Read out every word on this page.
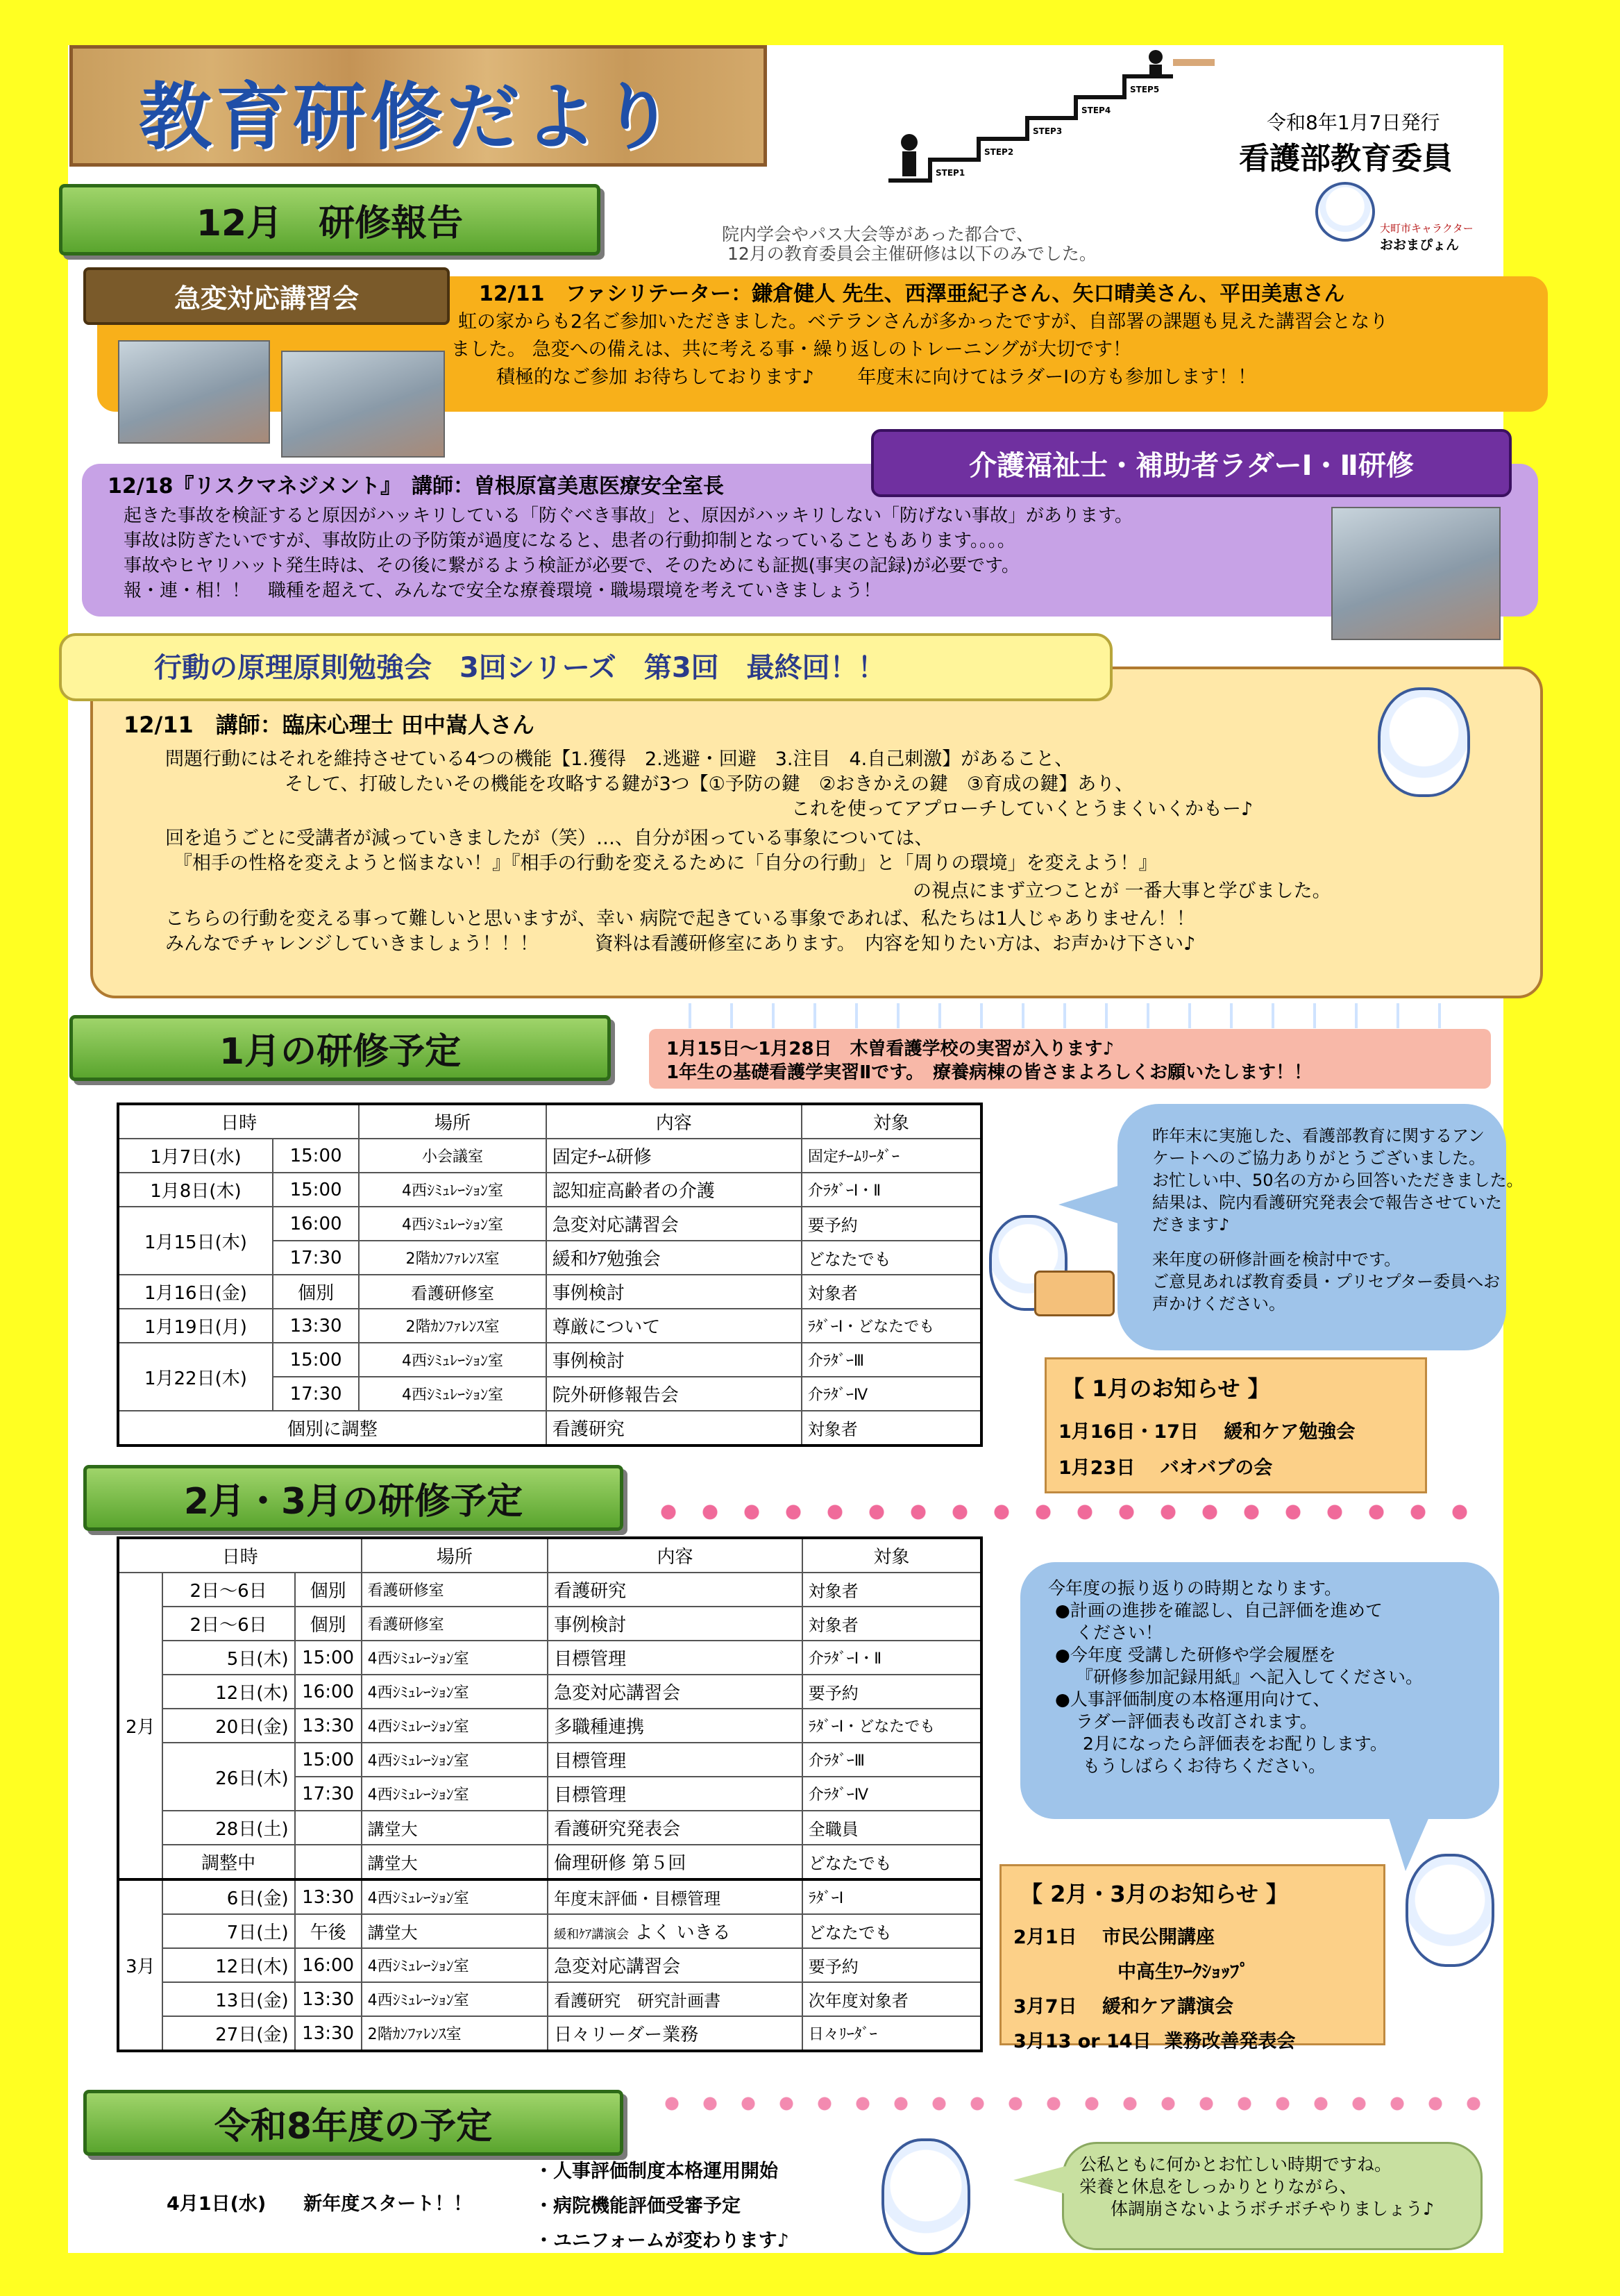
教育研修だより
STEP1
STEP2
STEP3
STEP4
STEP5
令和8年1月7日発行
看護部教育委員
大町市キャラクター
おおまぴょん
12月　研修報告	院内学会やパス大会等があった都合で、
12月の教育委員会主催研修は以下のみでした。
急変対応講習会	12/11　ファシリテーター：鎌倉健人 先生、西澤亜紀子さん、矢口晴美さん、平田美恵さん
虹の家からも2名ご参加いただきました。ベテランさんが多かったですが、自部署の課題も見えた講習会となり
ました。 急変への備えは、共に考える事・繰り返しのトレーニングが大切です！
積極的なご参加 お待ちしております♪　　 年度末に向けてはラダーⅠの方も参加します！！
介護福祉士・補助者ラダーⅠ・Ⅱ研修
12/18『リスクマネジメント』　講師：曽根原富美恵医療安全室長
起きた事故を検証すると原因がハッキリしている「防ぐべき事故」と、原因がハッキリしない「防げない事故」があります。
事故は防ぎたいですが、事故防止の予防策が過度になると、患者の行動抑制となっていることもあります。。。。
事故やヒヤリハット発生時は、その後に繋がるよう検証が必要で、そのためにも証拠(事実の記録)が必要です。
報・連・相！！　職種を超えて、みんなで安全な療養環境・職場環境を考えていきましょう！
行動の原理原則勉強会　3回シリーズ　第3回　最終回！！
12/11　講師：臨床心理士 田中嵩人さん
問題行動にはそれを維持させている4つの機能【1.獲得　2.逃避・回避　3.注目　4.自己刺激】があること、
そして、打破したいその機能を攻略する鍵が3つ【①予防の鍵　②おきかえの鍵　③育成の鍵】あり、
これを使ってアプローチしていくとうまくいくかもー♪
回を追うごとに受講者が減っていきましたが（笑）…、自分が困っている事象については、
『相手の性格を変えようと悩まない！』『相手の行動を変えるために「自分の行動」と「周りの環境」を変えよう！』
の視点にまず立つことが 一番大事と学びました。
こちらの行動を変える事って難しいと思いますが、幸い 病院で起きている事象であれば、私たちは1人じゃありません！！
みんなでチャレンジしていきましょう！！！　　　資料は看護研修室にあります。　内容を知りたい方は、お声かけ下さい♪
1月の研修予定	1月15日～1月28日　木曽看護学校の実習が入ります♪
1年生の基礎看護学実習Ⅱです。　療養病棟の皆さまよろしくお願いたします！！
日時		場所	内容	対象
1月7日(水)	15:00	小会議室	固定ﾁｰﾑ研修	固定ﾁｰﾑﾘｰﾀﾞｰ
1月8日(木)	15:00	4西ｼﾐｭﾚｰｼｮﾝ室	認知症高齢者の介護	介ﾗﾀﾞｰⅠ・Ⅱ
1月15日(木)	16:00	4西ｼﾐｭﾚｰｼｮﾝ室	急変対応講習会	要予約
	17:30	2階ｶﾝﾌｧﾚﾝｽ室	緩和ｹｱ勉強会	どなたでも
1月16日(金)	個別	看護研修室	事例検討	対象者
1月19日(月)	13:30	2階ｶﾝﾌｧﾚﾝｽ室	尊厳について	ﾗﾀﾞｰⅠ・どなたでも
1月22日(木)	15:00	4西ｼﾐｭﾚｰｼｮﾝ室	事例検討	介ﾗﾀﾞｰⅢ
	17:30	4西ｼﾐｭﾚｰｼｮﾝ室	院外研修報告会	介ﾗﾀﾞｰⅣ
個別に調整			看護研究	対象者
昨年末に実施した、看護部教育に関するアン
ケートへのご協力ありがとうございました。
お忙しい中、50名の方から回答いただきました。
結果は、院内看護研究発表会で報告させていた
だきます♪
来年度の研修計画を検討中です。
ご意見あれば教育委員・プリセプター委員へお
声かけください。
【 1月のお知らせ 】
1月16日・17日　 緩和ケア勉強会
1月23日　 バオバブの会
2月・3月の研修予定
日時			場所	内容	対象
2月	2日～6日	個別	看護研修室	看護研究	対象者
	2日～6日	個別	看護研修室	事例検討	対象者
	5日(木)	15:00	4西ｼﾐｭﾚｰｼｮﾝ室	目標管理	介ﾗﾀﾞｰⅠ・Ⅱ
	12日(木)	16:00	4西ｼﾐｭﾚｰｼｮﾝ室	急変対応講習会	要予約
	20日(金)	13:30	4西ｼﾐｭﾚｰｼｮﾝ室	多職種連携	ﾗﾀﾞｰⅠ・どなたでも
	26日(木)	15:00	4西ｼﾐｭﾚｰｼｮﾝ室	目標管理	介ﾗﾀﾞｰⅢ
		17:30	4西ｼﾐｭﾚｰｼｮﾝ室	目標管理	介ﾗﾀﾞｰⅣ
	28日(土)		講堂大	看護研究発表会	全職員
	調整中		講堂大	倫理研修 第５回	どなたでも
3月	6日(金)	13:30	4西ｼﾐｭﾚｰｼｮﾝ室	年度末評価・目標管理	ﾗﾀﾞｰⅠ
	7日(土)	午後	講堂大	緩和ｹｱ講演会 よく いきる	どなたでも
	12日(木)	16:00	4西ｼﾐｭﾚｰｼｮﾝ室	急変対応講習会	要予約
	13日(金)	13:30	4西ｼﾐｭﾚｰｼｮﾝ室	看護研究　研究計画書	次年度対象者
	27日(金)	13:30	2階ｶﾝﾌｧﾚﾝｽ室	日々リーダー業務	日々ﾘｰﾀﾞｰ
今年度の振り返りの時期となります。
●計画の進捗を確認し、自己評価を進めて
ください！
●今年度 受講した研修や学会履歴を
『研修参加記録用紙』へ記入してください。
●人事評価制度の本格運用向けて、
ラダー評価表も改訂されます。
2月になったら評価表をお配りします。
もうしばらくお待ちください。
【 2月・3月のお知らせ 】
2月1日　 市民公開講座
中高生ﾜｰｸｼｮｯﾌﾟ
3月7日　 緩和ケア講演会
3月13 or 14日  業務改善発表会
令和8年度の予定
4月1日(水)　　新年度スタート！！
・人事評価制度本格運用開始
・病院機能評価受審予定
・ユニフォームが変わります♪
公私ともに何かとお忙しい時期ですね。
栄養と休息をしっかりとりながら、
体調崩さないようボチボチやりましょう♪
